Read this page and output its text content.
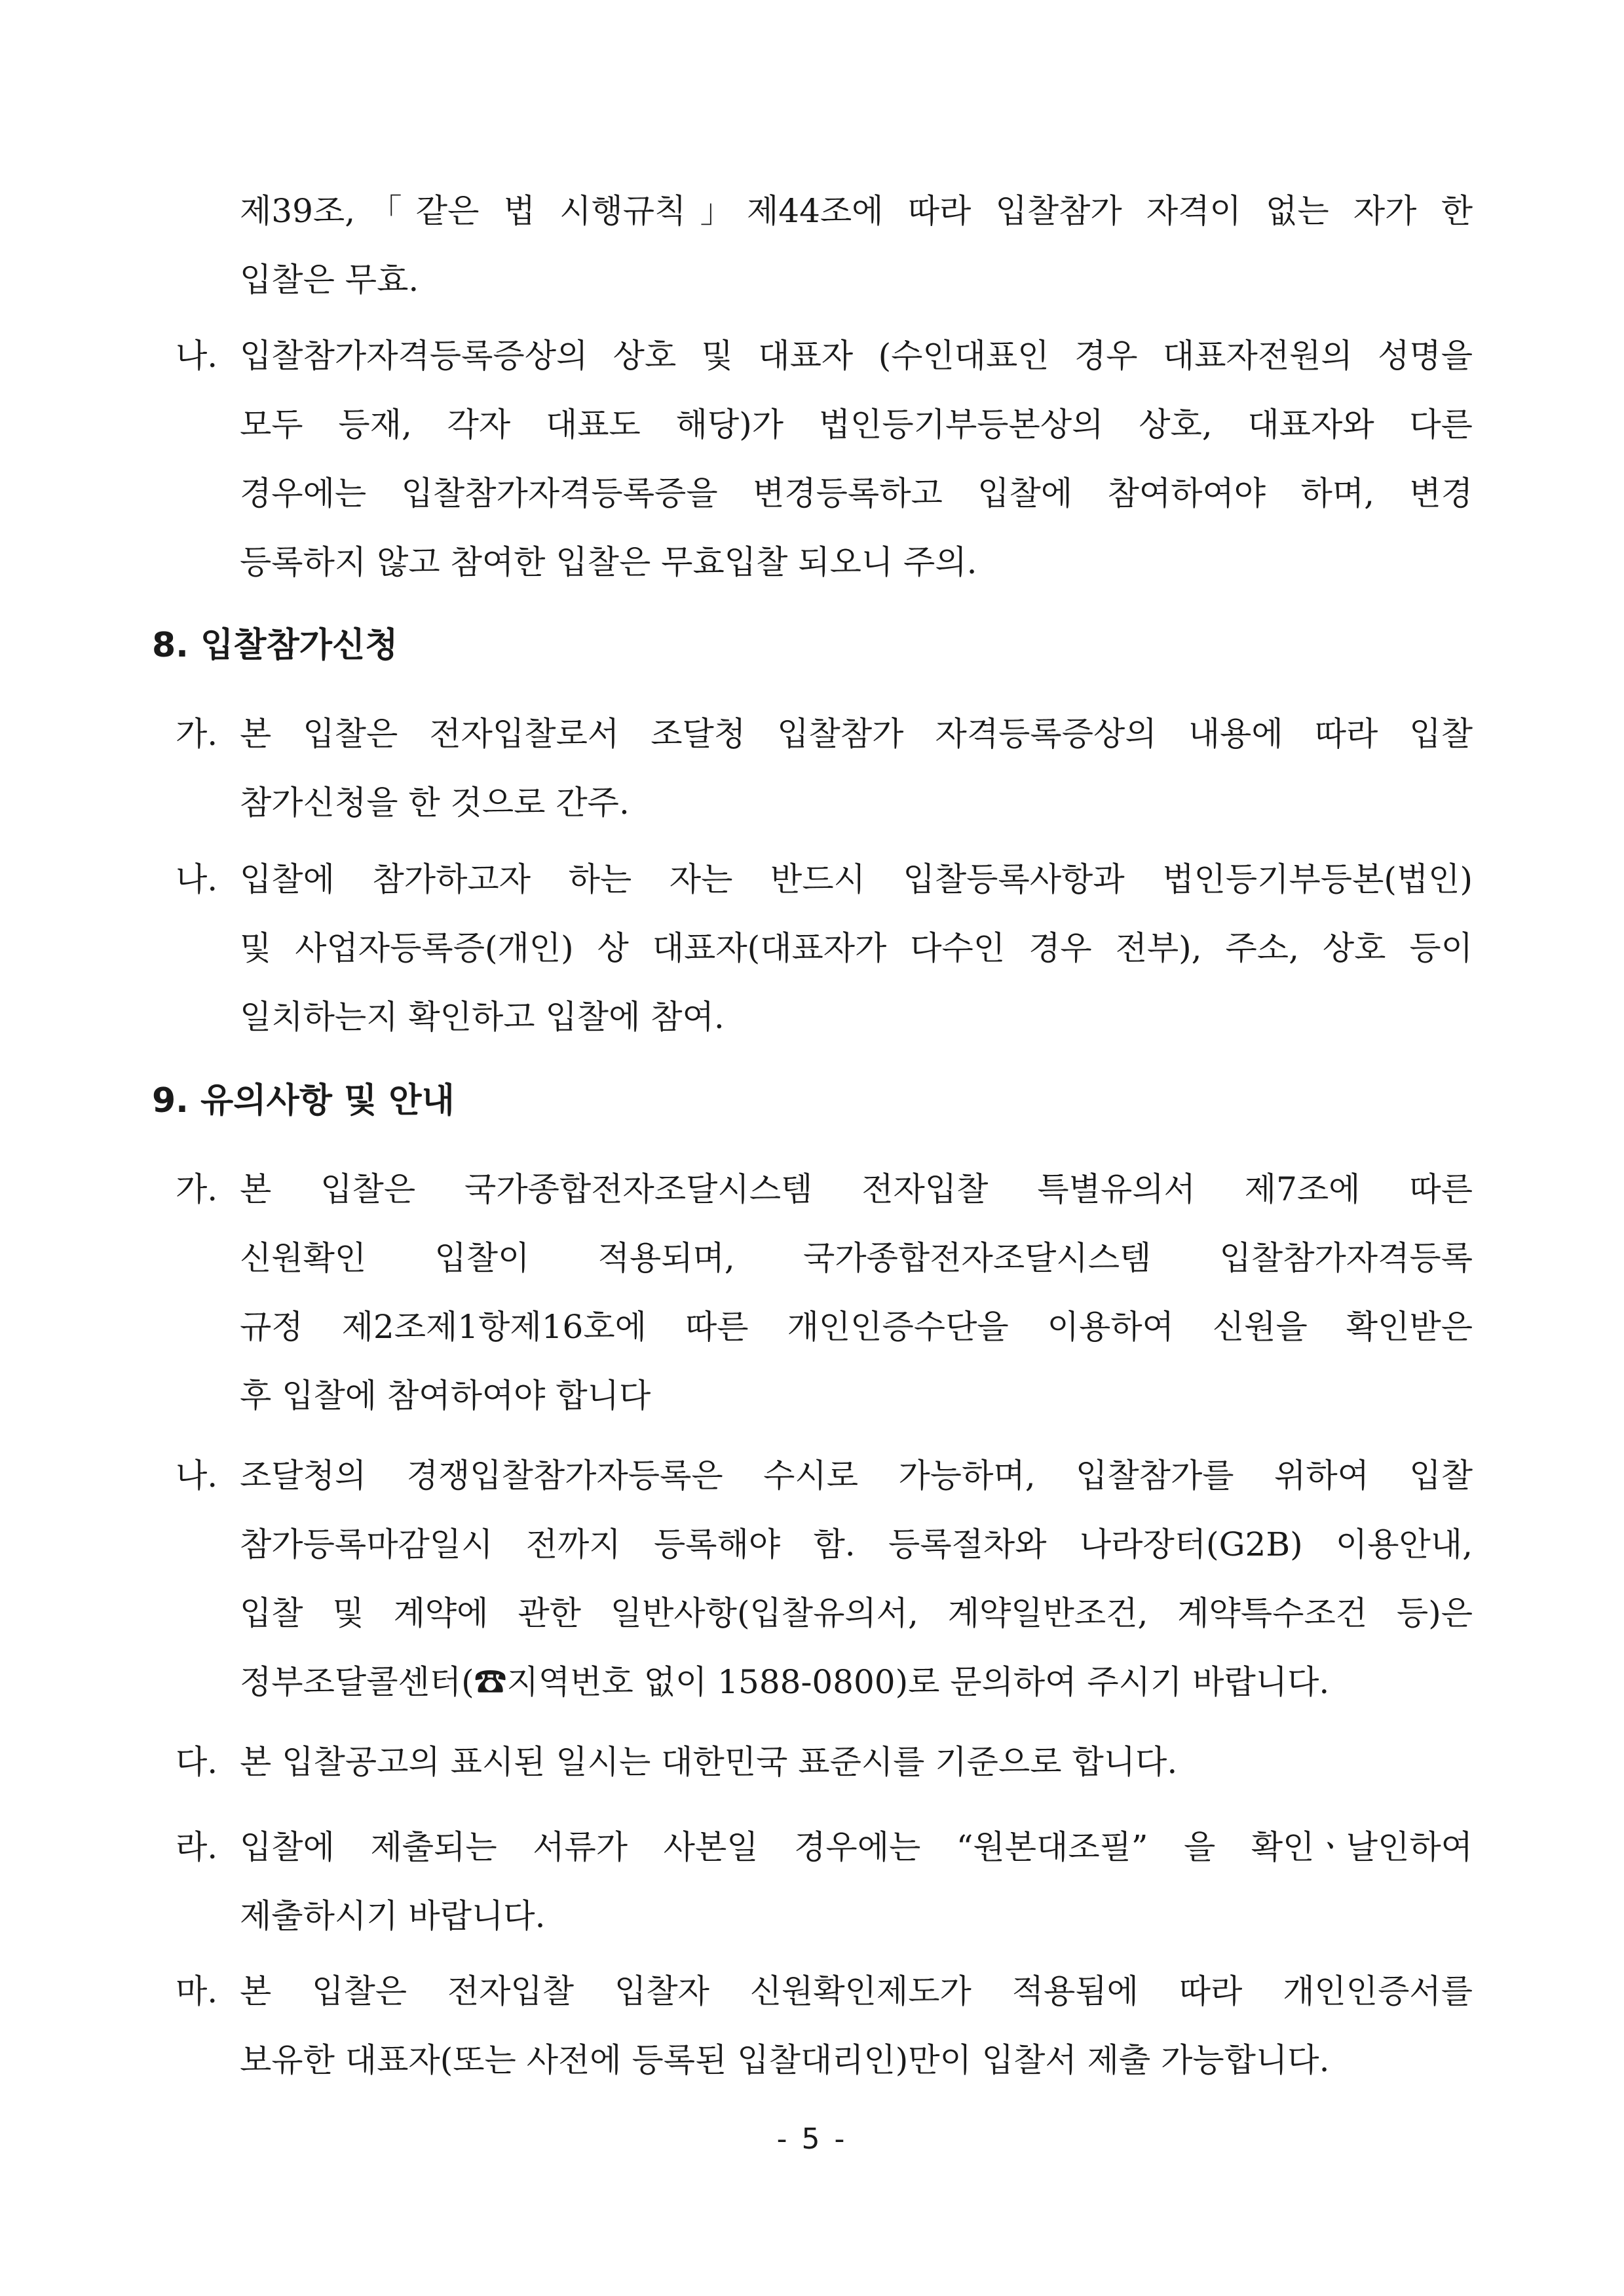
제39조,「같은 법 시행규칙」제44조에 따라 입찰참가 자격이 없는 자가 한
입찰은 무효.
나. 입찰참가자격등록증상의 상호 및 대표자 (수인대표인 경우 대표자전원의 성명을
모두 등재, 각자 대표도 해당)가 법인등기부등본상의 상호, 대표자와 다른
경우에는 입찰참가자격등록증을 변경등록하고 입찰에 참여하여야 하며, 변경
등록하지 않고 참여한 입찰은 무효입찰 되오니 주의.
8. 입찰참가신청
가. 본 입찰은 전자입찰로서 조달청 입찰참가 자격등록증상의 내용에 따라 입찰
참가신청을 한 것으로 간주.
나. 입찰에 참가하고자 하는 자는 반드시 입찰등록사항과 법인등기부등본(법인)
및 사업자등록증(개인) 상 대표자(대표자가 다수인 경우 전부), 주소, 상호 등이
일치하는지 확인하고 입찰에 참여.
9. 유의사항 및 안내
가. 본 입찰은 국가종합전자조달시스템 전자입찰 특별유의서 제7조에 따른
신원확인 입찰이 적용되며, 국가종합전자조달시스템 입찰참가자격등록
규정 제2조제1항제16호에 따른 개인인증수단을 이용하여 신원을 확인받은
후 입찰에 참여하여야 합니다
나. 조달청의 경쟁입찰참가자등록은 수시로 가능하며, 입찰참가를 위하여 입찰
참가등록마감일시 전까지 등록해야 함. 등록절차와 나라장터(G2B) 이용안내,
입찰 및 계약에 관한 일반사항(입찰유의서, 계약일반조건, 계약특수조건 등)은
정부조달콜센터(☎지역번호 없이 1588-0800)로 문의하여 주시기 바랍니다.
다. 본 입찰공고의 표시된 일시는 대한민국 표준시를 기준으로 합니다.
라. 입찰에 제출되는 서류가 사본일 경우에는 “원본대조필” 을 확인ㆍ날인하여
제출하시기 바랍니다.
마. 본 입찰은 전자입찰 입찰자 신원확인제도가 적용됨에 따라 개인인증서를
보유한 대표자(또는 사전에 등록된 입찰대리인)만이 입찰서 제출 가능합니다.
- 5 -
